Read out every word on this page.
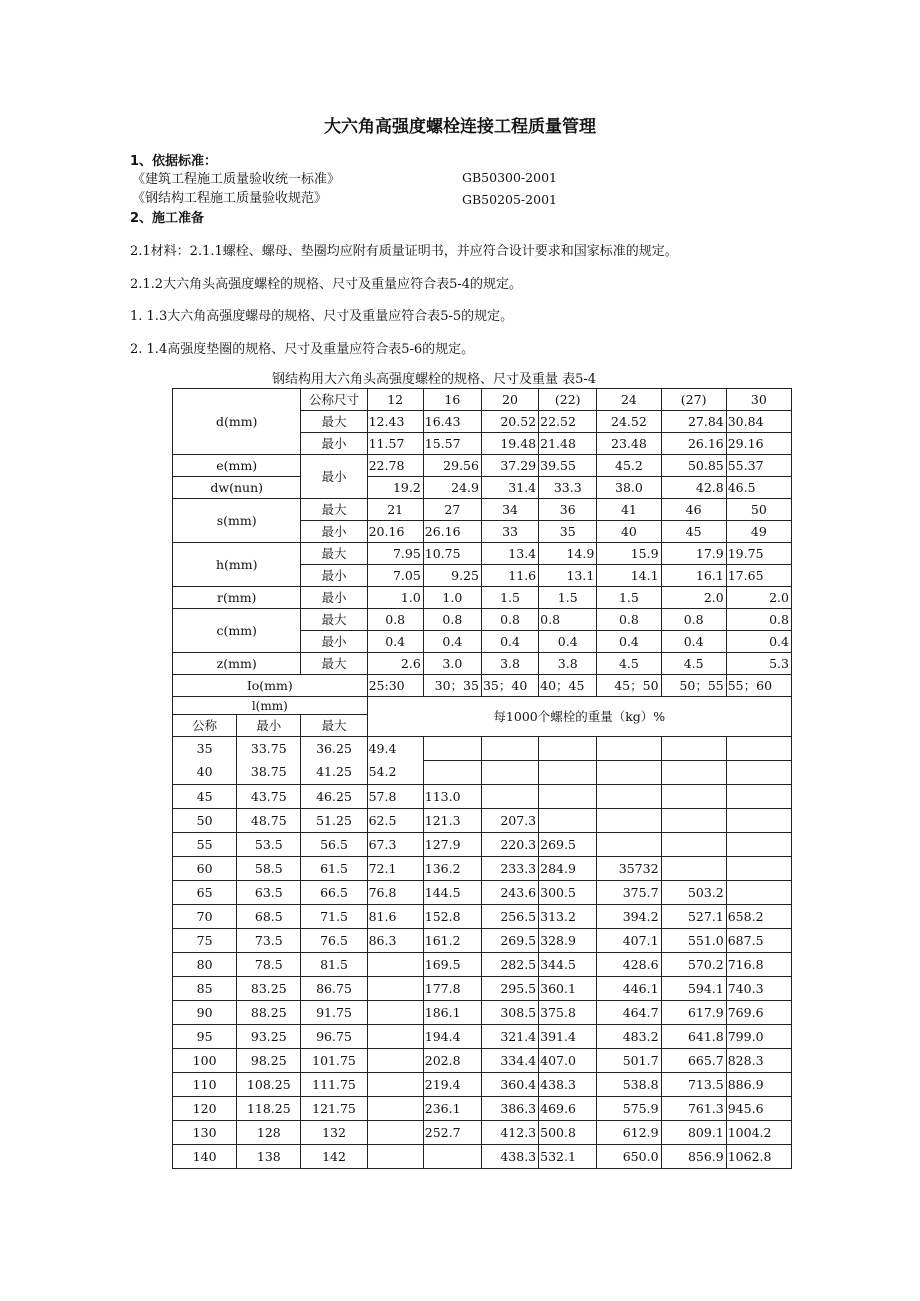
大六角高强度螺栓连接工程质量管理
1、依据标准：
《建筑工程施工质量验收统一标准》	GB50300-2001
《钢结构工程施工质量验收规范》	GB50205-2001
2、施工准备
2.1材料：2.1.1螺栓、螺母、垫圈均应附有质量证明书，并应符合设计要求和国家标准的规定。
2.1.2大六角头高强度螺栓的规格、尺寸及重量应符合表5-4的规定。
1. 1.3大六角高强度螺母的规格、尺寸及重量应符合表5-5的规定。
2. 1.4高强度垫圈的规格、尺寸及重量应符合表5-6的规定。
钢结构用大六角头高强度螺栓的规格、尺寸及重量 表5-4
d(mm)		公称尺寸	12	16	20	(22)	24	(27)	30
		最大	12.43	16.43	20.52	22.52	24.52	27.84	30.84
		最小	11.57	15.57	19.48	21.48	23.48	26.16	29.16
e(mm)		最小	22.78	29.56	37.29	39.55	45.2	50.85	55.37
dw(nun)			19.2	24.9	31.4	33.3	38.0	42.8	46.5
s(mm)		最大	21	27	34	36	41	46	50
		最小	20.16	26.16	33	35	40	45	49
h(mm)		最大	7.95	10.75	13.4	14.9	15.9	17.9	19.75
		最小	7.05	9.25	11.6	13.1	14.1	16.1	17.65
r(mm)		最小	1.0	1.0	1.5	1.5	1.5	2.0	2.0
c(mm)		最大	0.8	0.8	0.8	0.8	0.8	0.8	0.8
		最小	0.4	0.4	0.4	0.4	0.4	0.4	0.4
z(mm)		最大	2.6	3.0	3.8	3.8	4.5	4.5	5.3
Io(mm)			25:30	30；35	35；40	40；45	45；50	50；55	55；60
l(mm)			每1000个螺栓的重量（kg）%						
公称	最小	最大							
35	33.75	36.25	49.4						
40	38.75	41.25	54.2						
45	43.75	46.25	57.8	113.0					
50	48.75	51.25	62.5	121.3	207.3				
55	53.5	56.5	67.3	127.9	220.3	269.5			
60	58.5	61.5	72.1	136.2	233.3	284.9	35732		
65	63.5	66.5	76.8	144.5	243.6	300.5	375.7	503.2	
70	68.5	71.5	81.6	152.8	256.5	313.2	394.2	527.1	658.2
75	73.5	76.5	86.3	161.2	269.5	328.9	407.1	551.0	687.5
80	78.5	81.5		169.5	282.5	344.5	428.6	570.2	716.8
85	83.25	86.75		177.8	295.5	360.1	446.1	594.1	740.3
90	88.25	91.75		186.1	308.5	375.8	464.7	617.9	769.6
95	93.25	96.75		194.4	321.4	391.4	483.2	641.8	799.0
100	98.25	101.75		202.8	334.4	407.0	501.7	665.7	828.3
110	108.25	111.75		219.4	360.4	438.3	538.8	713.5	886.9
120	118.25	121.75		236.1	386.3	469.6	575.9	761.3	945.6
130	128	132		252.7	412.3	500.8	612.9	809.1	1004.2
140	138	142			438.3	532.1	650.0	856.9	1062.8
